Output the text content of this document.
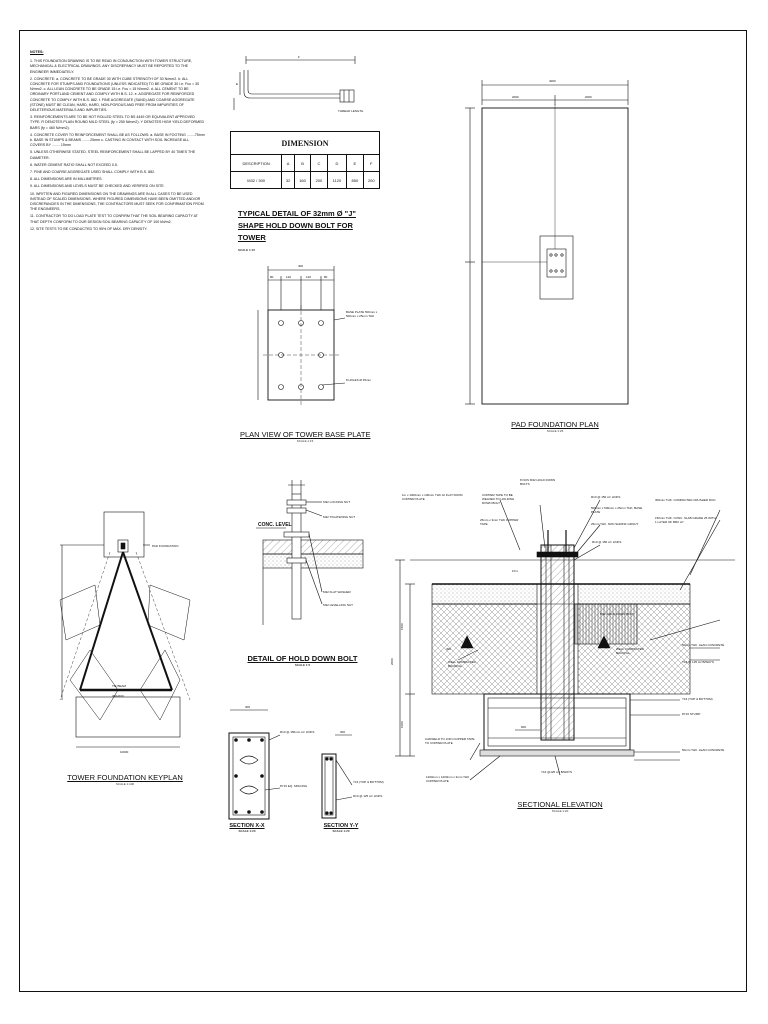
NOTES:
1. THIS FOUNDATION DRAWING IS TO BE READ IN CONJUNCTION WITH TOWER STRUCTURE, MECHANICAL & ELECTRICAL DRAWINGS. ANY DISCREPANCY MUST BE REPORTED TO THE ENGINEER IMMEDIATELY.
2. CONCRETE: a. CONCRETE TO BE GRADE 30 WITH CUBE STRENGTH OF 30 N/mm2. b. ALL CONCRETE FOR STUMPS AND FOUNDATIONS (UNLESS INDICATED) TO BE GRADE 30 i.e. Fcu = 30 N/mm2. c. ALL LEAN CONCRETE TO BE GRADE 15 i.e. Fcu = 15 N/mm2. d. ALL CEMENT TO BE ORDINARY PORTLAND CEMENT AND COMPLY WITH B.S. 12. e. AGGREGATE FOR REINFORCED CONCRETE TO COMPLY WITH B.S. 882. f. FINE AGGREGATE (SAND) AND COARSE AGGREGATE (STONE) MUST BE CLEAN, HARD, HARD, NON-POROUS AND FREE FROM IMPURITIES OF DELETERIOUS MATERIALS AND IMPURITIES.
3. REINFORCEMENTS ARE TO BE HOT ROLLED STEEL TO BS 4449 OR EQUIVALENT APPROVED TYPE. R DENOTES PLAIN ROUND MILD STEEL (fy = 250 N/mm2). Y DENOTES HIGH YIELD DEFORMED BARS (fy = 460 N/mm2).
4. CONCRETE COVER TO REINFORCEMENT SHALL BE AS FOLLOWS: a. BASE IN FOOTING ........75mm b. BASE IN STUMPS & BEAMS ........25mm c. CASTING IN CONTACT WITH SOIL INCREASE ALL COVERS BY ........ 15mm
5. UNLESS OTHERWISE STATED, STEEL REINFORCEMENT SHALL BE LAPPED BY 40 TIMES THE DIAMETER.
6. WATER CEMENT RATIO SHALL NOT EXCEED 0.5.
7. FINE AND COARSE AGGREGATE USED SHALL COMPLY WITH B.S. 882.
8. ALL DIMENSIONS ARE IN MILLIMETRES.
9. ALL DIMENSIONS AND LEVELS MUST BE CHECKED AND VERIFIED ON SITE.
10. WRITTEN AND FIGURED DIMENSIONS ON THE DRAWINGS ARE IN ALL CASES TO BE USED INSTEAD OF SCALED DIMENSIONS. WHERE FIGURED DIMENSIONS HAVE BEEN OMITTED AND/OR DISCREPANCIES IN THE DIMENSIONS, THE CONTRACTORS MUST SEEK FOR CONFIRMATION FROM THE ENGINEERS.
11. CONTRACTOR TO DO LOAD PLATE TEST TO CONFIRM THAT THE SOIL BEARING CAPACITY AT THAT DEPTH CONFORM TO OUR DESIGN SOIL BEARING CAPACITY OF 100 kN/m2.
12. SITE TESTS TO BE CONDUCTED TO 95% OF MAX. DRY DENSITY.
DIMENSION						
DESCRIPTION	A	B	C	D	E	F
M32 / 300	32	160	200	1120	850	200
TYPICAL DETAIL OF 32mm Ø "J" SHAPE HOLD DOWN BOLT FOR TOWER
SCALE 1:15
PLAN VIEW OF TOWER BASE PLATE
SCALE 1:15
DETAIL OF HOLD DOWN BOLT
SCALE 1:5
PAD FOUNDATION PLAN
SCALE 1:25
TOWER FOUNDATION KEYPLAN
SCALE 1:100
SECTION X-X
SCALE 1:20
SECTION Y-Y
SCALE 1:20
SECTIONAL ELEVATION
SCALE 1:20
F
E
THREAD LENGTH
400
80	120	120	80
BASE PLATE 500mm x 500mm x 25mm THK
8 HOLES Ø 35mm
CONC. LEVEL
M32 LOCKING NUT
M32 TIGHTENING NUT
M32 FLAT WASHER
M32 LEVELLING NUT
4000
2000	2000
PAD FOUNDATION
TIE BEAM
300x600
10000
300
R10 @ 150mm c/c LINKS
8Y16 EQ. SPACING
300
Y16 (TOP & BOTTOM)
R10 @ 125 c/c LINKS
F.F.L
1500
2000
1000	600
300
1m x 1000mm x 100mm THK GI FLAT FROM COPPER PLATE
COPPER TAPE TO BE WELDED TO HOLDING DOWN BOLT
25mm x 3mm THK COPPER TAPE
8 NOS M32 HOLD DOWN BOLTS
R10 @ 150 c/c LINKS
500mm x 500mm x 25mm THK. BASE PLATE
25mm THK. NON SHRINK GROUT
R10 @ 150 c/c LINKS
300mm THK. COMPACTED CRUSHER RUN
150mm THK. CONC. SLAB GRADE 25 WITH 1 LAYER OF BRC A7
WELL COMPACTED BACKFILL
WELL COMPACTED BACKFILL
50mm THK. LEAN CONCRETE
Y16 @ 125 c/c B/WAYS
Y16 (TOP & BOTTOM)
8Y16 STUMP
50mm THK. LEAN CONCRETE
CADWELD TO JOIN COPPER TAPE TO COPPER PLATE
1200mm x 1200mm x 3mm THK COPPER PLATE
Y16 @125 c/c B/WAYS
M32 HOLD DOWN BOLT
